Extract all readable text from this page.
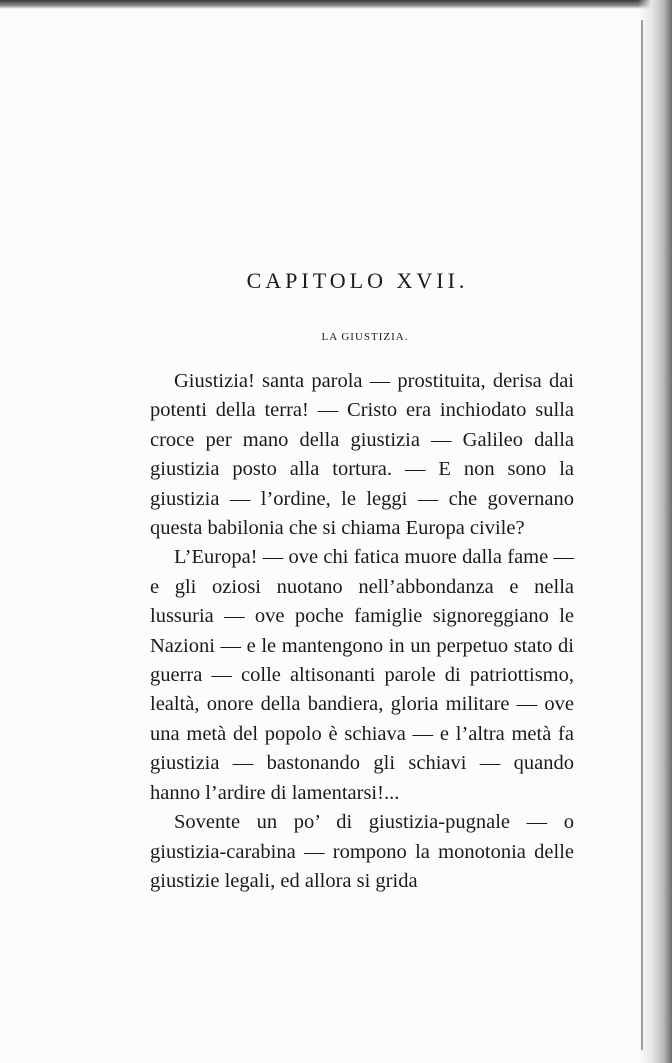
CAPITOLO XVII.
LA GIUSTIZIA.

Giustizia! santa parola — prostituita, derisa dai potenti della terra! — Cristo era inchiodato sulla croce per mano della giustizia — Galileo dalla giustizia posto alla tortura. — E non sono la giustizia — l’ordine, le leggi — che governano questa babilonia che si chiama Europa civile?

L’Europa! — ove chi fatica muore dalla fame — e gli oziosi nuotano nell’abbondanza e nella lussuria — ove poche famiglie signoreggiano le Nazioni — e le mantengono in un perpetuo stato di guerra — colle altisonanti parole di patriottismo, lealtà, onore della bandiera, gloria militare — ove una metà del popolo è schiava — e l’altra metà fa giustizia — bastonando gli schiavi — quando hanno l’ardire di lamentarsi!...

Sovente un po’ di giustizia-pugnale — o giustizia-carabina — rompono la monotonia delle giustizie legali, ed allora si grida
